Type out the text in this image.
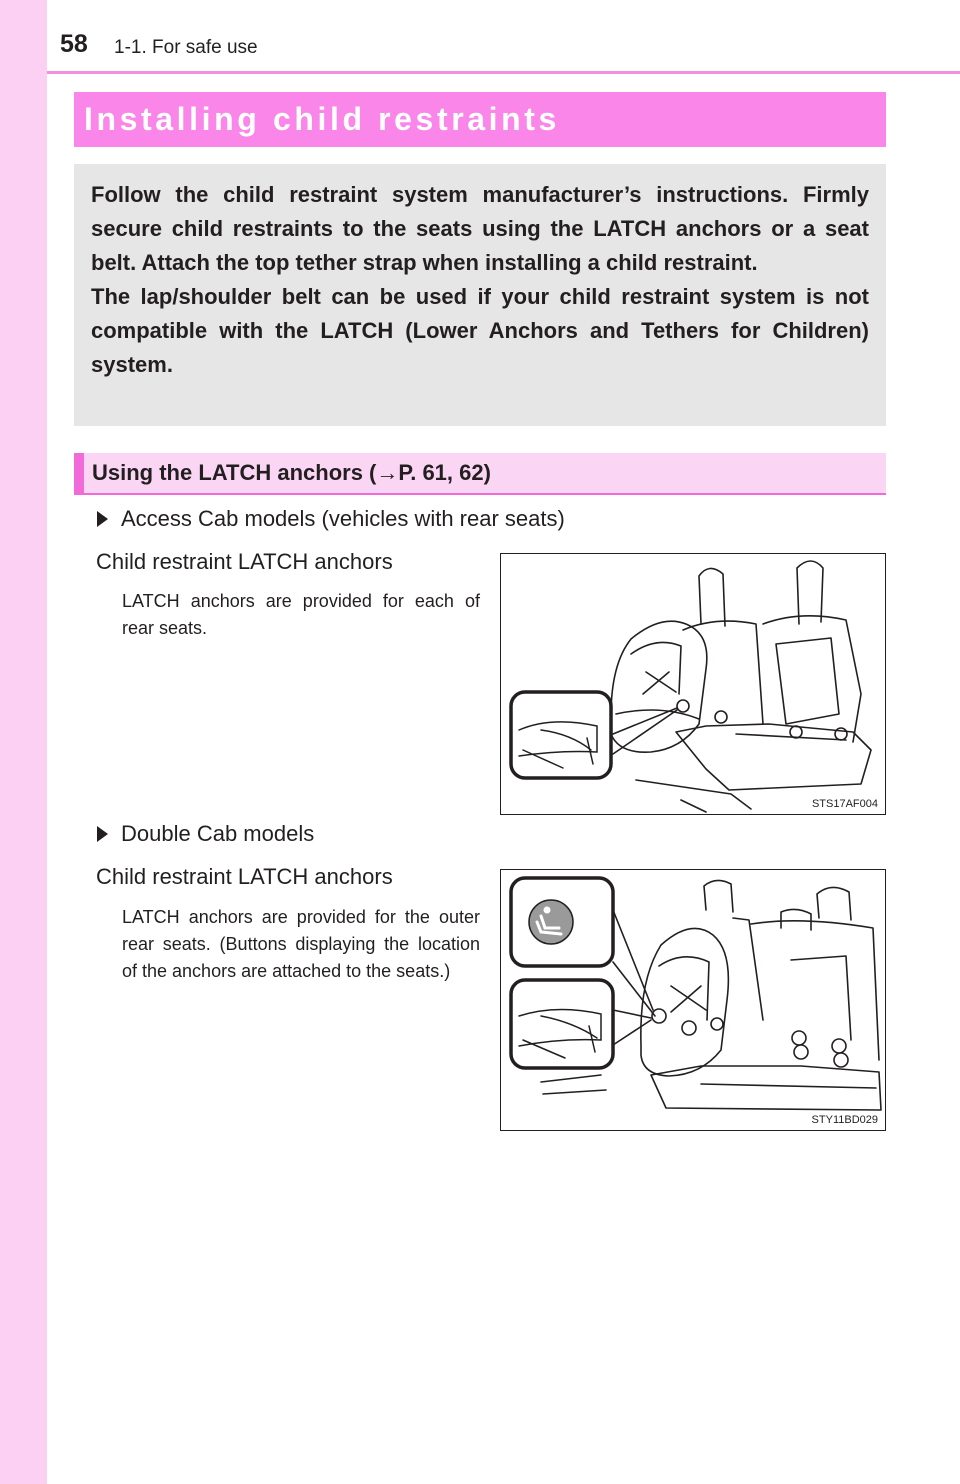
58 1-1. For safe use
Installing child restraints

Follow the child restraint system manufacturer’s instructions. Firmly secure child restraints to the seats using the LATCH anchors or a seat belt. Attach the top tether strap when installing a child restraint.

The lap/shoulder belt can be used if your child restraint system is not compatible with the LATCH (Lower Anchors and Tethers for Children) system.

Using the LATCH anchors (→P. 61, 62)
Access Cab models (vehicles with rear seats)
Child restraint LATCH anchors
LATCH anchors are provided for each of rear seats.
STS17AF004
Double Cab models
Child restraint LATCH anchors
LATCH anchors are provided for the outer rear seats. (Buttons displaying the location of the anchors are attached to the seats.)
STY11BD029
